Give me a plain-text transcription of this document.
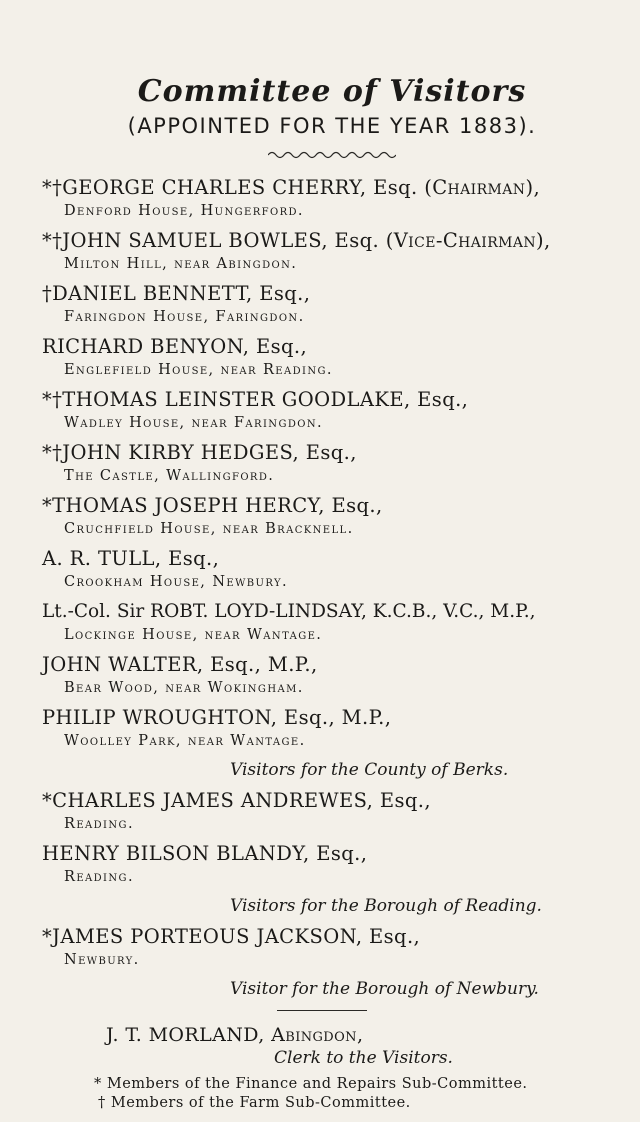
Committee of Visitors

(APPOINTED FOR THE YEAR 1883).

*†GEORGE CHARLES CHERRY, Esq. (Chairman),
Denford House, Hungerford.
*†JOHN SAMUEL BOWLES, Esq. (Vice-Chairman),
Milton Hill, near Abingdon.
†DANIEL BENNETT, Esq.,
Faringdon House, Faringdon.
RICHARD BENYON, Esq.,
Englefield House, near Reading.
*†THOMAS LEINSTER GOODLAKE, Esq.,
Wadley House, near Faringdon.
*†JOHN KIRBY HEDGES, Esq.,
The Castle, Wallingford.
*THOMAS JOSEPH HERCY, Esq.,
Cruchfield House, near Bracknell.
A. R. TULL, Esq.,
Crookham House, Newbury.
Lt.-Col. Sir ROBT. LOYD-LINDSAY, K.C.B., V.C., M.P.,
Lockinge House, near Wantage.
JOHN WALTER, Esq., M.P.,
Bear Wood, near Wokingham.
PHILIP WROUGHTON, Esq., M.P.,
Woolley Park, near Wantage.
Visitors for the County of Berks.
*CHARLES JAMES ANDREWES, Esq.,
Reading.
HENRY BILSON BLANDY, Esq.,
Reading.
Visitors for the Borough of Reading.
*JAMES PORTEOUS JACKSON, Esq.,
Newbury.
Visitor for the Borough of Newbury.
J. T. MORLAND, Abingdon,
Clerk to the Visitors.
* Members of the Finance and Repairs Sub-Committee.
† Members of the Farm Sub-Committee.
